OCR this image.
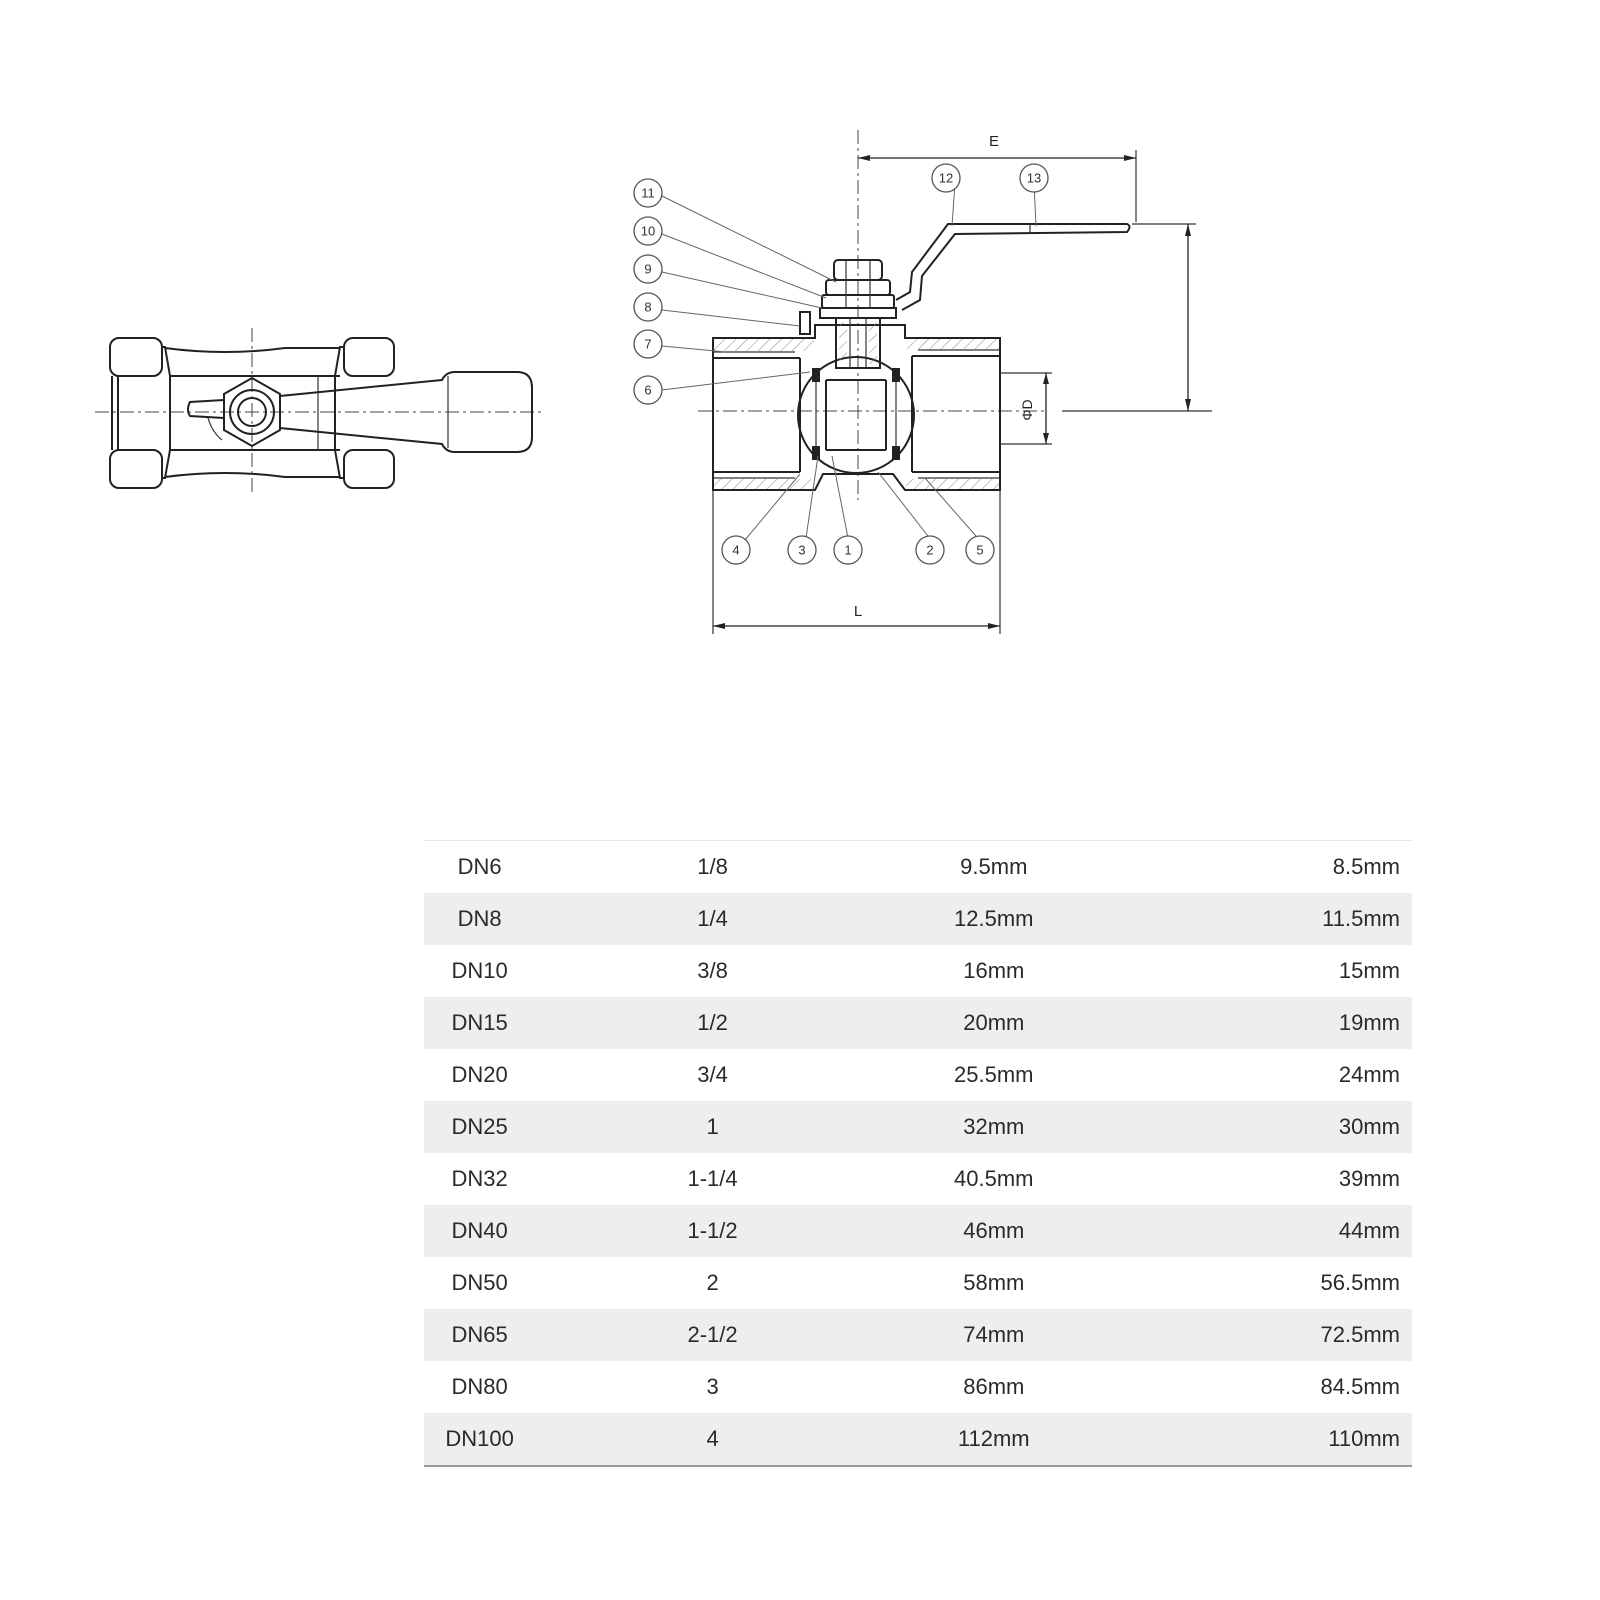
E
ΦD
L
11
10
9
8
7
6
12	13
4	3	1	2	5
DN6	1/8	9.5mm	8.5mm
DN8	1/4	12.5mm	11.5mm
DN10	3/8	16mm	15mm
DN15	1/2	20mm	19mm
DN20	3/4	25.5mm	24mm
DN25	1	32mm	30mm
DN32	1-1/4	40.5mm	39mm
DN40	1-1/2	46mm	44mm
DN50	2	58mm	56.5mm
DN65	2-1/2	74mm	72.5mm
DN80	3	86mm	84.5mm
DN100	4	112mm	110mm
